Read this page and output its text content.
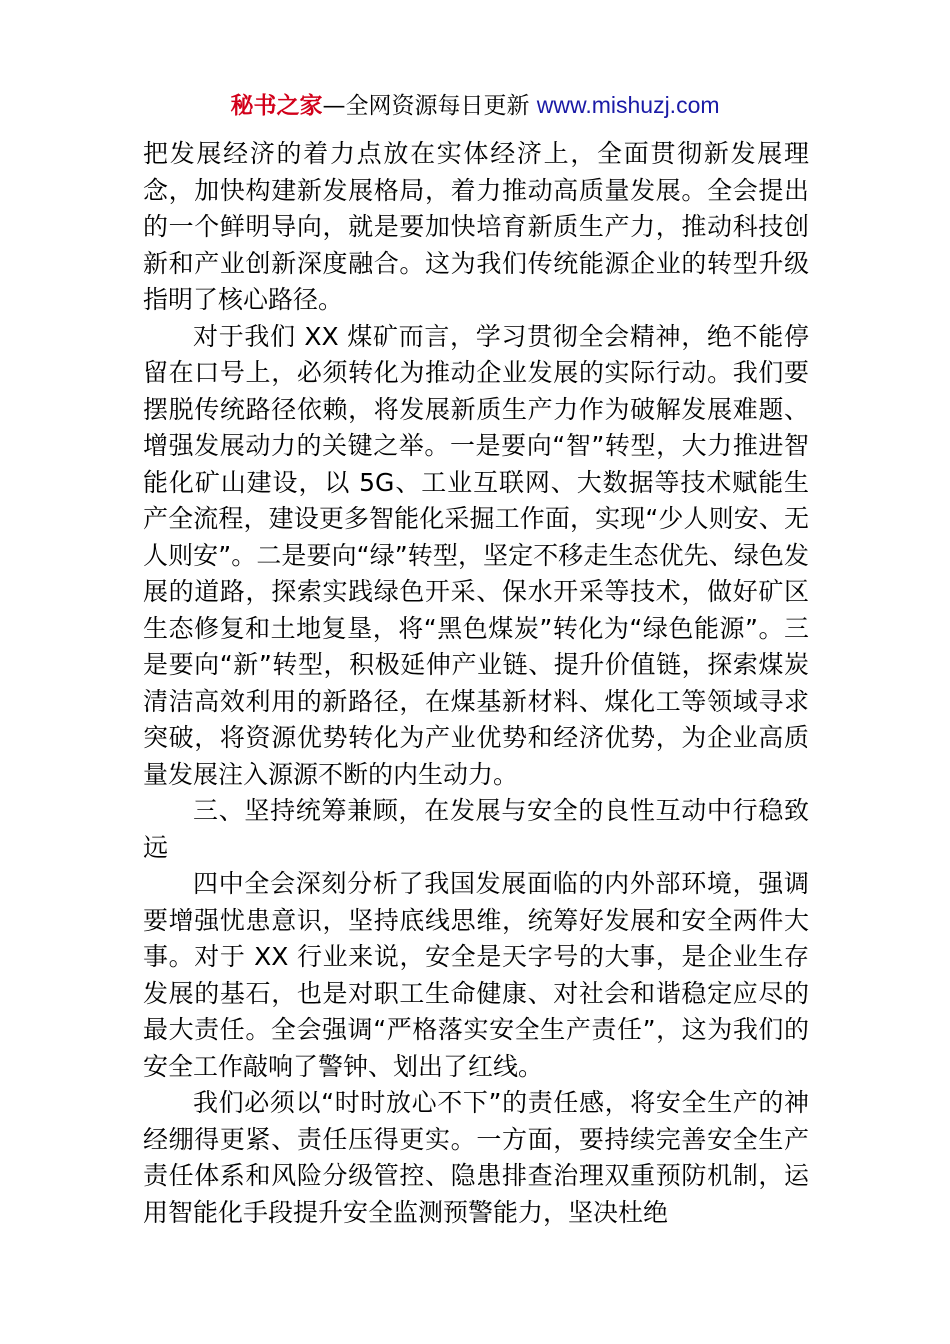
秘书之家—全网资源每日更新 www.mishuzj.com

把发展经济的着力点放在实体经济上，全面贯彻新发展理念，加快构建新发展格局，着力推动高质量发展。全会提出的一个鲜明导向，就是要加快培育新质生产力，推动科技创新和产业创新深度融合。这为我们传统能源企业的转型升级指明了核心路径。

对于我们 XX 煤矿而言，学习贯彻全会精神，绝不能停留在口号上，必须转化为推动企业发展的实际行动。我们要摆脱传统路径依赖，将发展新质生产力作为破解发展难题、增强发展动力的关键之举。一是要向“智”转型，大力推进智能化矿山建设，以 5G、工业互联网、大数据等技术赋能生产全流程，建设更多智能化采掘工作面，实现“少人则安、无人则安”。二是要向“绿”转型，坚定不移走生态优先、绿色发展的道路，探索实践绿色开采、保水开采等技术，做好矿区生态修复和土地复垦，将“黑色煤炭”转化为“绿色能源”。三是要向“新”转型，积极延伸产业链、提升价值链，探索煤炭清洁高效利用的新路径，在煤基新材料、煤化工等领域寻求突破，将资源优势转化为产业优势和经济优势，为企业高质量发展注入源源不断的内生动力。

三、坚持统筹兼顾，在发展与安全的良性互动中行稳致远

四中全会深刻分析了我国发展面临的内外部环境，强调要增强忧患意识，坚持底线思维，统筹好发展和安全两件大事。对于 XX 行业来说，安全是天字号的大事，是企业生存发展的基石，也是对职工生命健康、对社会和谐稳定应尽的最大责任。全会强调“严格落实安全生产责任”，这为我们的安全工作敲响了警钟、划出了红线。

我们必须以“时时放心不下”的责任感，将安全生产的神经绷得更紧、责任压得更实。一方面，要持续完善安全生产责任体系和风险分级管控、隐患排查治理双重预防机制，运用智能化手段提升安全监测预警能力，坚决杜绝
